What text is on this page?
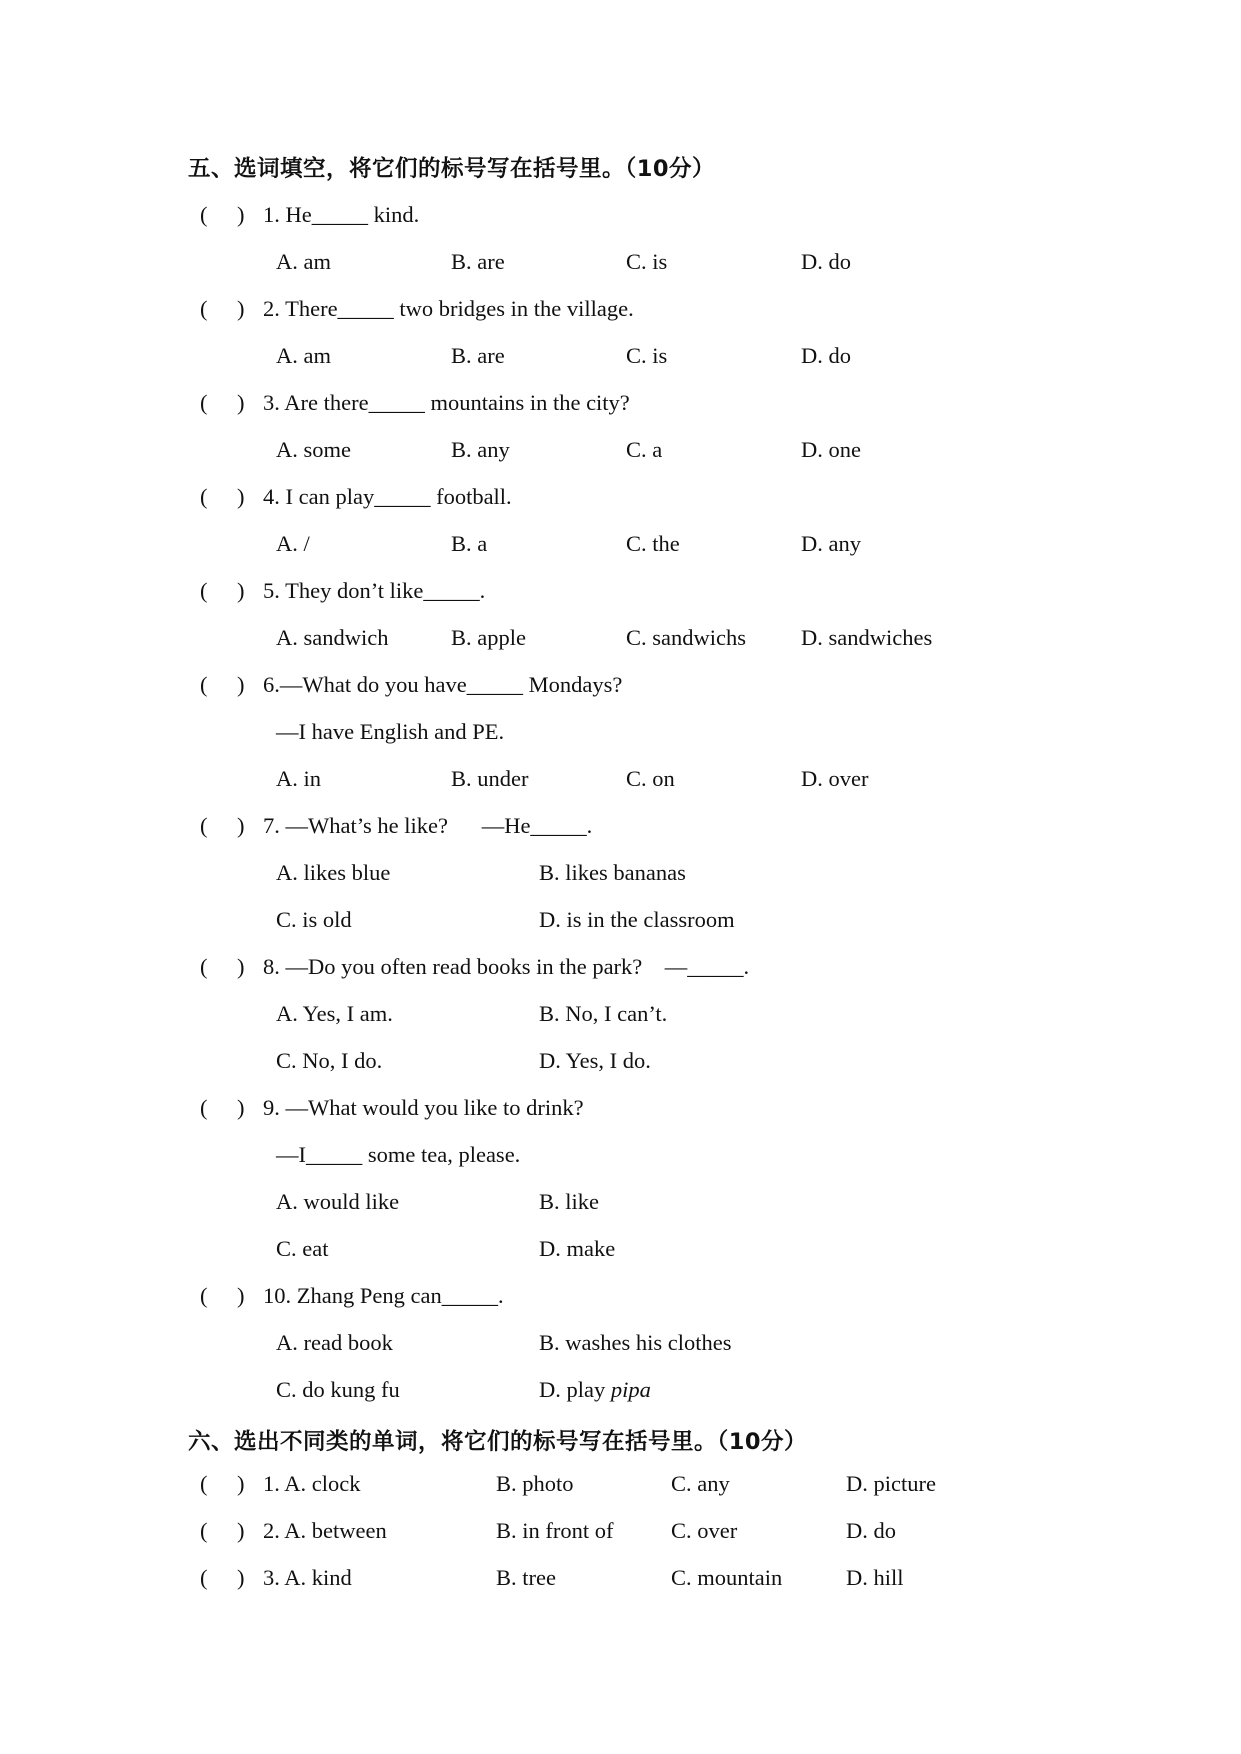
五、选词填空，将它们的标号写在括号里。（10分）
( ) 1. He_____ kind.
A. am	B. are	C. is	D. do
( ) 2. There_____ two bridges in the village.
A. am	B. are	C. is	D. do
( ) 3. Are there_____ mountains in the city?
A. some	B. any	C. a	D. one
( ) 4. I can play_____ football.
A. /	B. a	C. the	D. any
( ) 5. They don’t like_____.
A. sandwich	B. apple	C. sandwichs D. sandwiches
( ) 6.—What do you have_____ Mondays?
—I have English and PE.
A. in	B. under	C. on	D. over
( ) 7. —What’s he like?      —He_____.
A. likes blue	B. likes bananas
C. is old	D. is in the classroom
( ) 8. —Do you often read books in the park?    —_____.
A. Yes, I am.	B. No, I can’t.
C. No, I do.	D. Yes, I do.
( ) 9. —What would you like to drink?
—I_____ some tea, please.
A. would like	B. like
C. eat	D. make
( ) 10. Zhang Peng can_____.
A. read book	B. washes his clothes
C. do kung fu	D. play pipa
六、选出不同类的单词，将它们的标号写在括号里。（10分）
( ) 1. A. clock	B. photo	C. any	D. picture
( ) 2. A. between	B. in front of	C. over	D. do
( ) 3. A. kind	B. tree	C. mountain	D. hill
